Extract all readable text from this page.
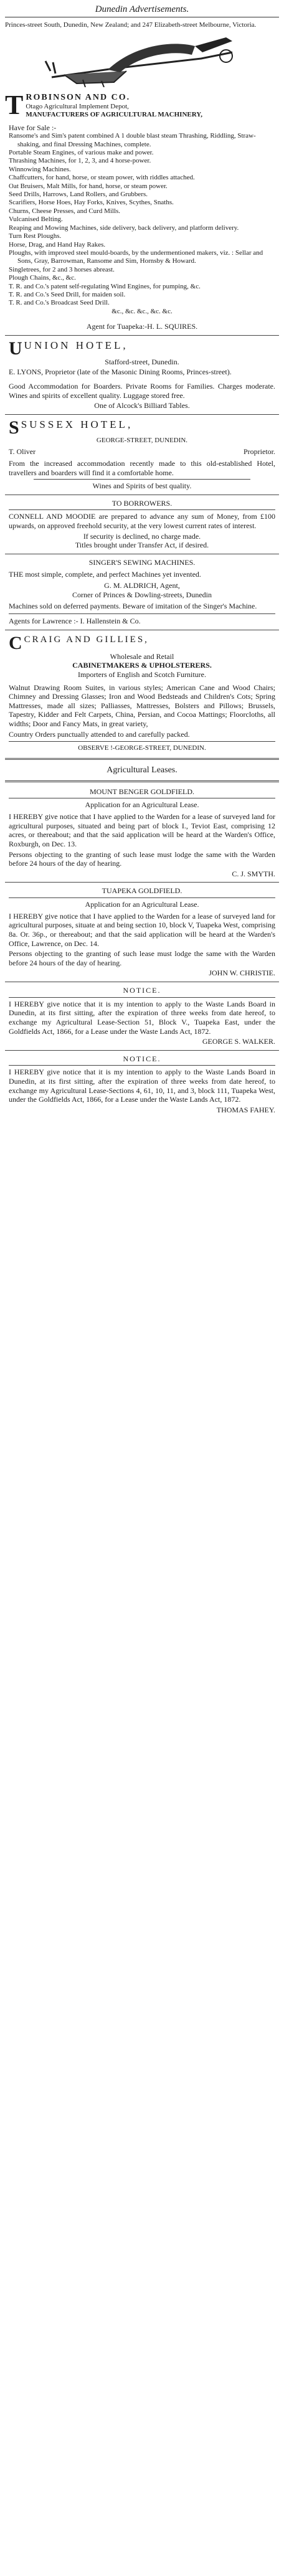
Dunedin Advertisements.
Princes-street South, Dunedin, New Zealand; and 247 Elizabeth-street Melbourne, Victoria.
T ROBINSON AND CO.
Otago Agricultural Implement Depot,
MANUFACTURERS OF AGRICULTURAL MACHINERY,
Have for Sale :-
Ransome's and Sim's patent combined A 1 double blast steam Thrashing, Riddling, Straw-shaking, and final Dressing Machines, complete.
Portable Steam Engines, of various make and power.
Thrashing Machines, for 1, 2, 3, and 4 horse-power.
Winnowing Machines.
Chaffcutters, for hand, horse, or steam power, with riddles attached.
Oat Bruisers, Malt Mills, for hand, horse, or steam power.
Seed Drills, Harrows, Land Rollers, and Grubbers.
Scarifiers, Horse Hoes, Hay Forks, Knives, Scythes, Snaths.
Churns, Cheese Presses, and Curd Mills.
Vulcanised Belting.
Reaping and Mowing Machines, side delivery, back delivery, and platform delivery.
Turn Rest Ploughs.
Horse, Drag, and Hand Hay Rakes.
Ploughs, with improved steel mould-boards, by the undermentioned makers, viz. : Sellar and Sons, Gray, Barrowman, Ransome and Sim, Hornsby & Howard.
Singletrees, for 2 and 3 horses abreast.
Plough Chains, &c., &c.
T. R. and Co.'s patent self-regulating Wind Engines, for pumping, &c.
T. R. and Co.'s Seed Drill, for maiden soil.
T. R. and Co.'s Broadcast Seed Drill.
&c., &c. &c., &c. &c.
Agent for Tuapeka:-H. L. SQUIRES.
U UNION HOTEL,
Stafford-street, Dunedin.
E. LYONS, Proprietor (late of the Masonic Dining Rooms, Princes-street).
Good Accommodation for Boarders. Private Rooms for Families. Charges moderate. Wines and spirits of excellent quality. Luggage stored free.
One of Alcock's Billiard Tables.
S SUSSEX HOTEL,
GEORGE-STREET, DUNEDIN.
T. Oliver	Proprietor.
From the increased accommodation recently made to this old-established Hotel, travellers and boarders will find it a comfortable home.
Wines and Spirits of best quality.
TO BORROWERS.
CONNELL AND MOODIE are prepared to advance any sum of Money, from £100 upwards, on approved freehold security, at the very lowest current rates of interest.
If security is declined, no charge made.
Titles brought under Transfer Act, if desired.
SINGER'S SEWING MACHINES.
THE most simple, complete, and perfect Machines yet invented.
G. M. ALDRICH, Agent,
Corner of Princes & Dowling-streets, Dunedin
Machines sold on deferred payments. Beware of imitation of the Singer's Machine.
Agents for Lawrence :- I. Hallenstein & Co.
C CRAIG AND GILLIES,
Wholesale and Retail
CABINETMAKERS & UPHOLSTERERS.
Importers of English and Scotch Furniture.
Walnut Drawing Room Suites, in various styles; American Cane and Wood Chairs; Chimney and Dressing Glasses; Iron and Wood Bedsteads and Children's Cots; Spring Mattresses, made all sizes; Palliasses, Mattresses, Bolsters and Pillows; Brussels, Tapestry, Kidder and Felt Carpets, China, Persian, and Cocoa Mattings; Floorcloths, all widths; Door and Fancy Mats, in great variety,
Country Orders punctually attended to and carefully packed.
OBSERVE !-GEORGE-STREET, DUNEDIN.
Agricultural Leases.
MOUNT BENGER GOLDFIELD.
Application for an Agricultural Lease.
I HEREBY give notice that I have applied to the Warden for a lease of surveyed land for agricultural purposes, situated and being part of block I., Teviot East, comprising 12 acres, or thereabout; and that the said application will be heard at the Warden's Office, Roxburgh, on Dec. 13.
Persons objecting to the granting of such lease must lodge the same with the Warden before 24 hours of the day of hearing.
C. J. SMYTH.
TUAPEKA GOLDFIELD.
Application for an Agricultural Lease.
I HEREBY give notice that I have applied to the Warden for a lease of surveyed land for agricultural purposes, situate at and being section 10, block V, Tuapeka West, comprising 8a. Or. 36p., or thereabout; and that the said application will be heard at the Warden's Office, Lawrence, on Dec. 14.
Persons objecting to the granting of such lease must lodge the same with the Warden before 24 hours of the day of hearing.
JOHN W. CHRISTIE.
NOTICE.
I HEREBY give notice that it is my intention to apply to the Waste Lands Board in Dunedin, at its first sitting, after the expiration of three weeks from date hereof, to exchange my Agricultural Lease-Section 51, Block V., Tuapeka East, under the Goldfields Act, 1866, for a Lease under the Waste Lands Act, 1872.
GEORGE S. WALKER.
NOTICE.
I HEREBY give notice that it is my intention to apply to the Waste Lands Board in Dunedin, at its first sitting, after the expiration of three weeks from date hereof, to exchange my Agricultural Lease-Sections 4, 61, 10, 11, and 3, block 111, Tuapeka West, under the Goldfields Act, 1866, for a Lease under the Waste Lands Act, 1872.
THOMAS FAHEY.
